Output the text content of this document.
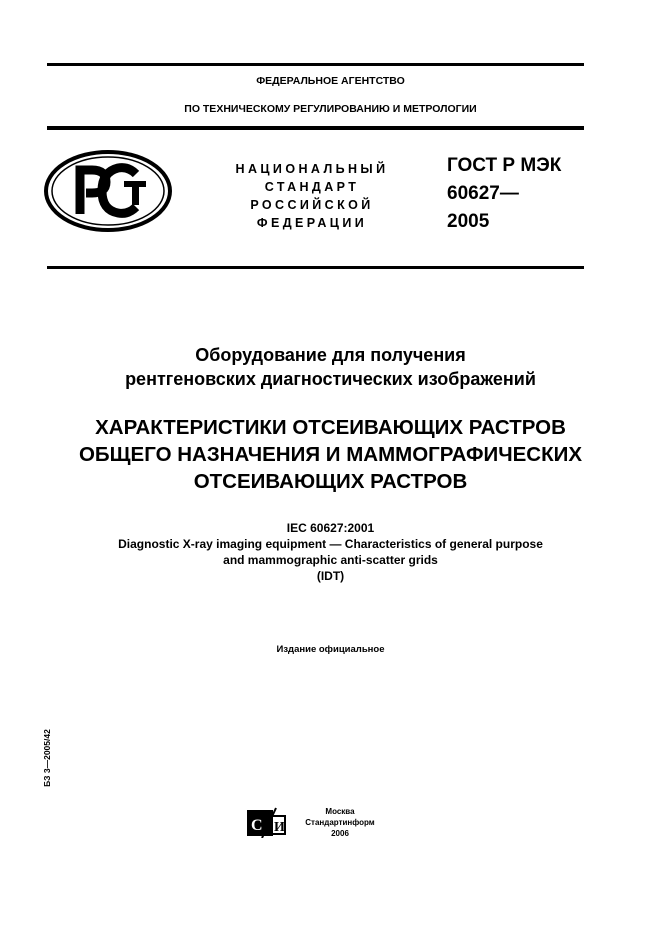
ФЕДЕРАЛЬНОЕ АГЕНТСТВО
ПО ТЕХНИЧЕСКОМУ РЕГУЛИРОВАНИЮ И МЕТРОЛОГИИ
НАЦИОНАЛЬНЫЙ
СТАНДАРТ
РОССИЙСКОЙ
ФЕДЕРАЦИИ
ГОСТ Р МЭК
60627—
2005
Оборудование для получения
рентгеновских диагностических изображений
ХАРАКТЕРИСТИКИ ОТСЕИВАЮЩИХ РАСТРОВ
ОБЩЕГО НАЗНАЧЕНИЯ И МАММОГРАФИЧЕСКИХ
ОТСЕИВАЮЩИХ РАСТРОВ
IEC 60627:2001
Diagnostic X-ray imaging equipment — Characteristics of general purpose
and mammographic anti-scatter grids
(IDT)
Издание официальное
БЗ 3—2005/42
С И
Москва
Стандартинформ
2006
